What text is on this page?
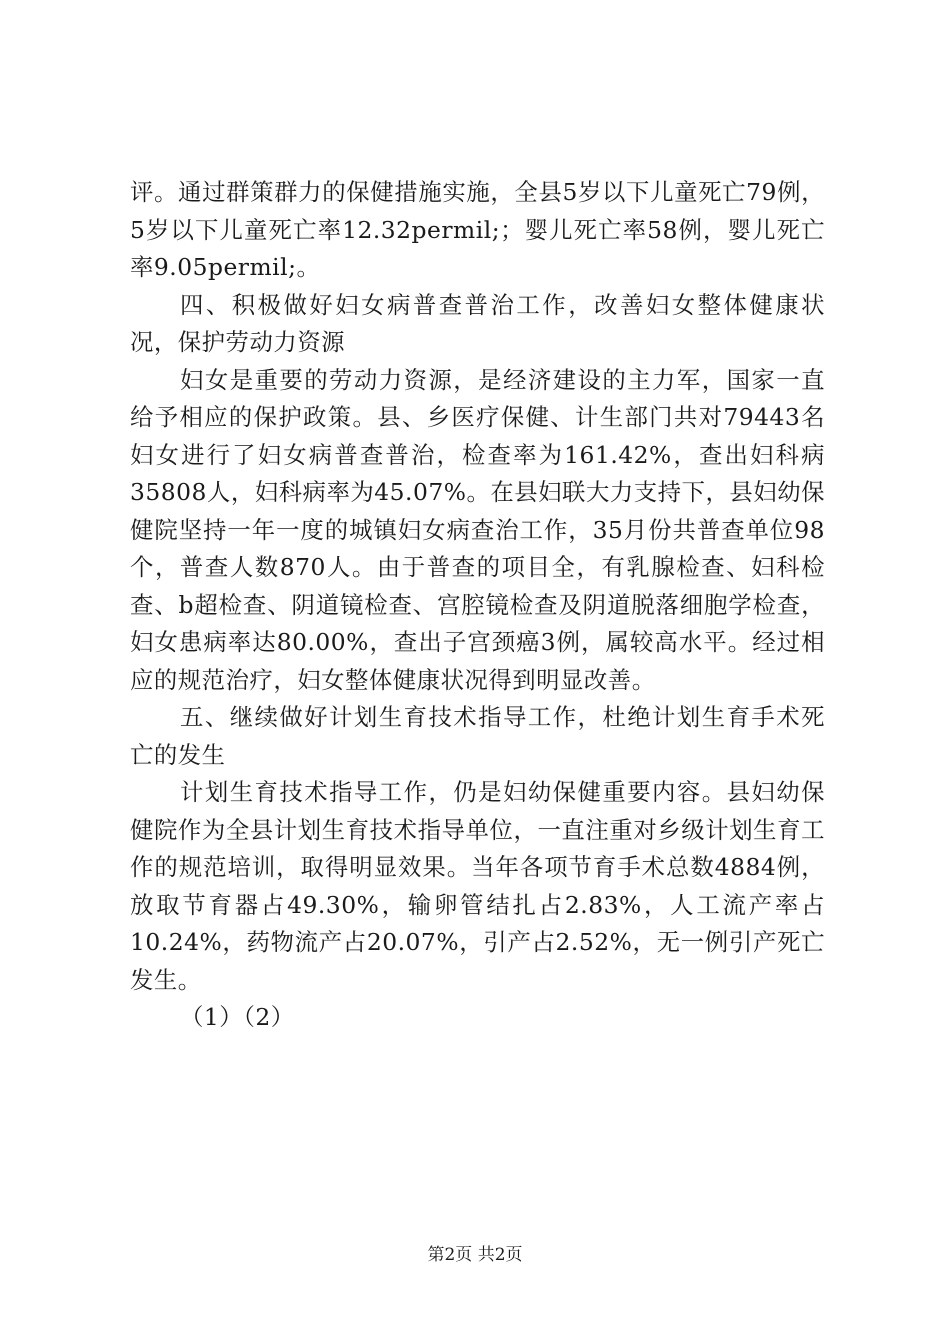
评。通过群策群力的保健措施实施，全县5岁以下儿童死亡79例，5岁以下儿童死亡率12.32permil;；婴儿死亡率58例，婴儿死亡率9.05permil;。

四、积极做好妇女病普查普治工作，改善妇女整体健康状况，保护劳动力资源

妇女是重要的劳动力资源，是经济建设的主力军，国家一直给予相应的保护政策。县、乡医疗保健、计生部门共对79443名妇女进行了妇女病普查普治，检查率为161.42%，查出妇科病35808人，妇科病率为45.07%。在县妇联大力支持下，县妇幼保健院坚持一年一度的城镇妇女病查治工作，35月份共普查单位98个，普查人数870人。由于普查的项目全，有乳腺检查、妇科检查、b超检查、阴道镜检查、宫腔镜检查及阴道脱落细胞学检查，妇女患病率达80.00%，查出子宫颈癌3例，属较高水平。经过相应的规范治疗，妇女整体健康状况得到明显改善。

五、继续做好计划生育技术指导工作，杜绝计划生育手术死亡的发生

计划生育技术指导工作，仍是妇幼保健重要内容。县妇幼保健院作为全县计划生育技术指导单位，一直注重对乡级计划生育工作的规范培训，取得明显效果。当年各项节育手术总数4884例，放取节育器占49.30%，输卵管结扎占2.83%，人工流产率占10.24%，药物流产占20.07%，引产占2.52%，无一例引产死亡发生。

（1）（2）

第2页 共2页
